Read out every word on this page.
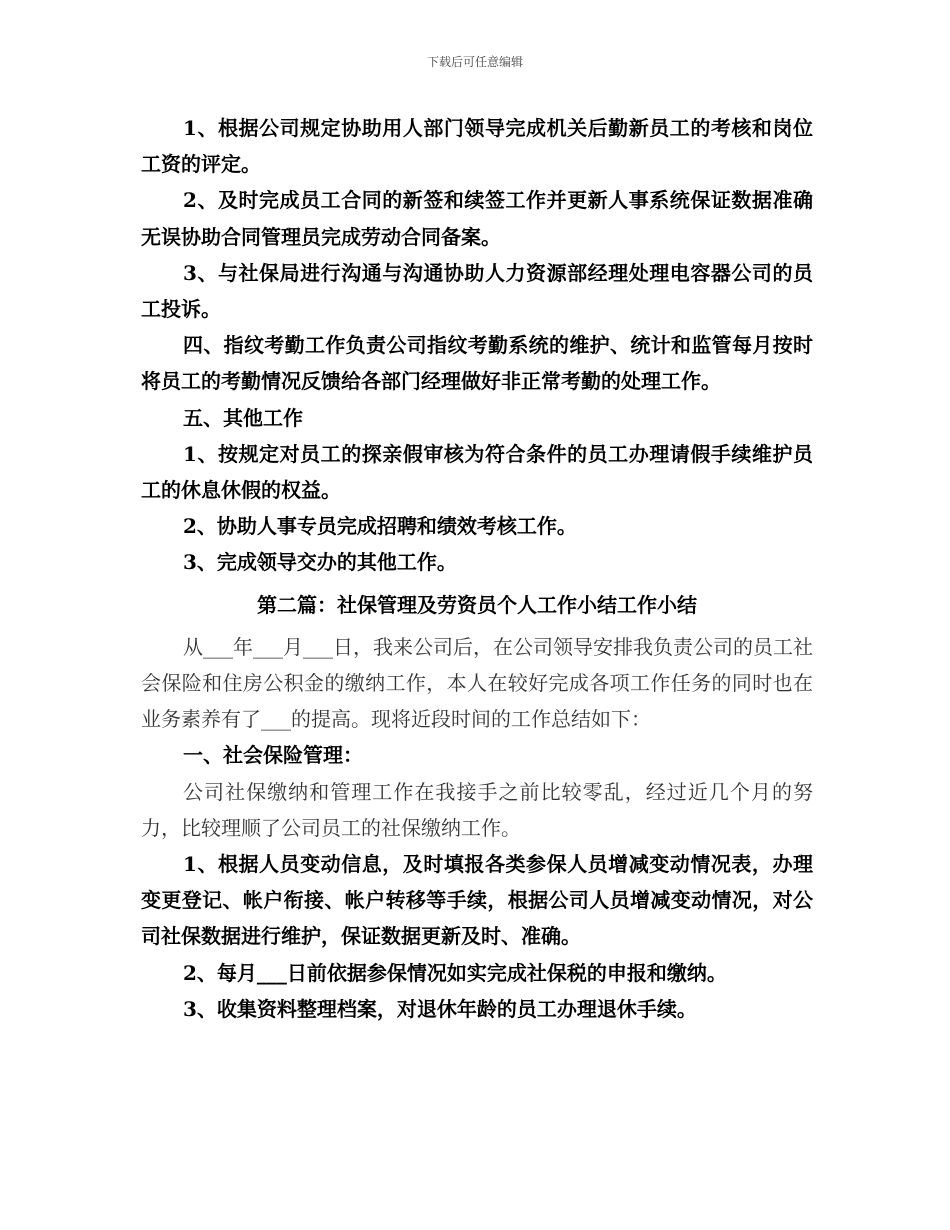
下载后可任意编辑

1、根据公司规定协助用人部门领导完成机关后勤新员工的考核和岗位工资的评定。

2、及时完成员工合同的新签和续签工作并更新人事系统保证数据准确无误协助合同管理员完成劳动合同备案。

3、与社保局进行沟通与沟通协助人力资源部经理处理电容器公司的员工投诉。

四、指纹考勤工作负责公司指纹考勤系统的维护、统计和监管每月按时将员工的考勤情况反馈给各部门经理做好非正常考勤的处理工作。

五、其他工作

1、按规定对员工的探亲假审核为符合条件的员工办理请假手续维护员工的休息休假的权益。

2、协助人事专员完成招聘和绩效考核工作。

3、完成领导交办的其他工作。

第二篇：社保管理及劳资员个人工作小结工作小结

从___年___月___日，我来公司后，在公司领导安排我负责公司的员工社会保险和住房公积金的缴纳工作，本人在较好完成各项工作任务的同时也在业务素养有了___的提高。现将近段时间的工作总结如下：

一、社会保险管理：

公司社保缴纳和管理工作在我接手之前比较零乱，经过近几个月的努力，比较理顺了公司员工的社保缴纳工作。

1、根据人员变动信息，及时填报各类参保人员增减变动情况表，办理变更登记、帐户衔接、帐户转移等手续，根据公司人员增减变动情况，对公司社保数据进行维护，保证数据更新及时、准确。

2、每月___日前依据参保情况如实完成社保税的申报和缴纳。

3、收集资料整理档案，对退休年龄的员工办理退休手续。
